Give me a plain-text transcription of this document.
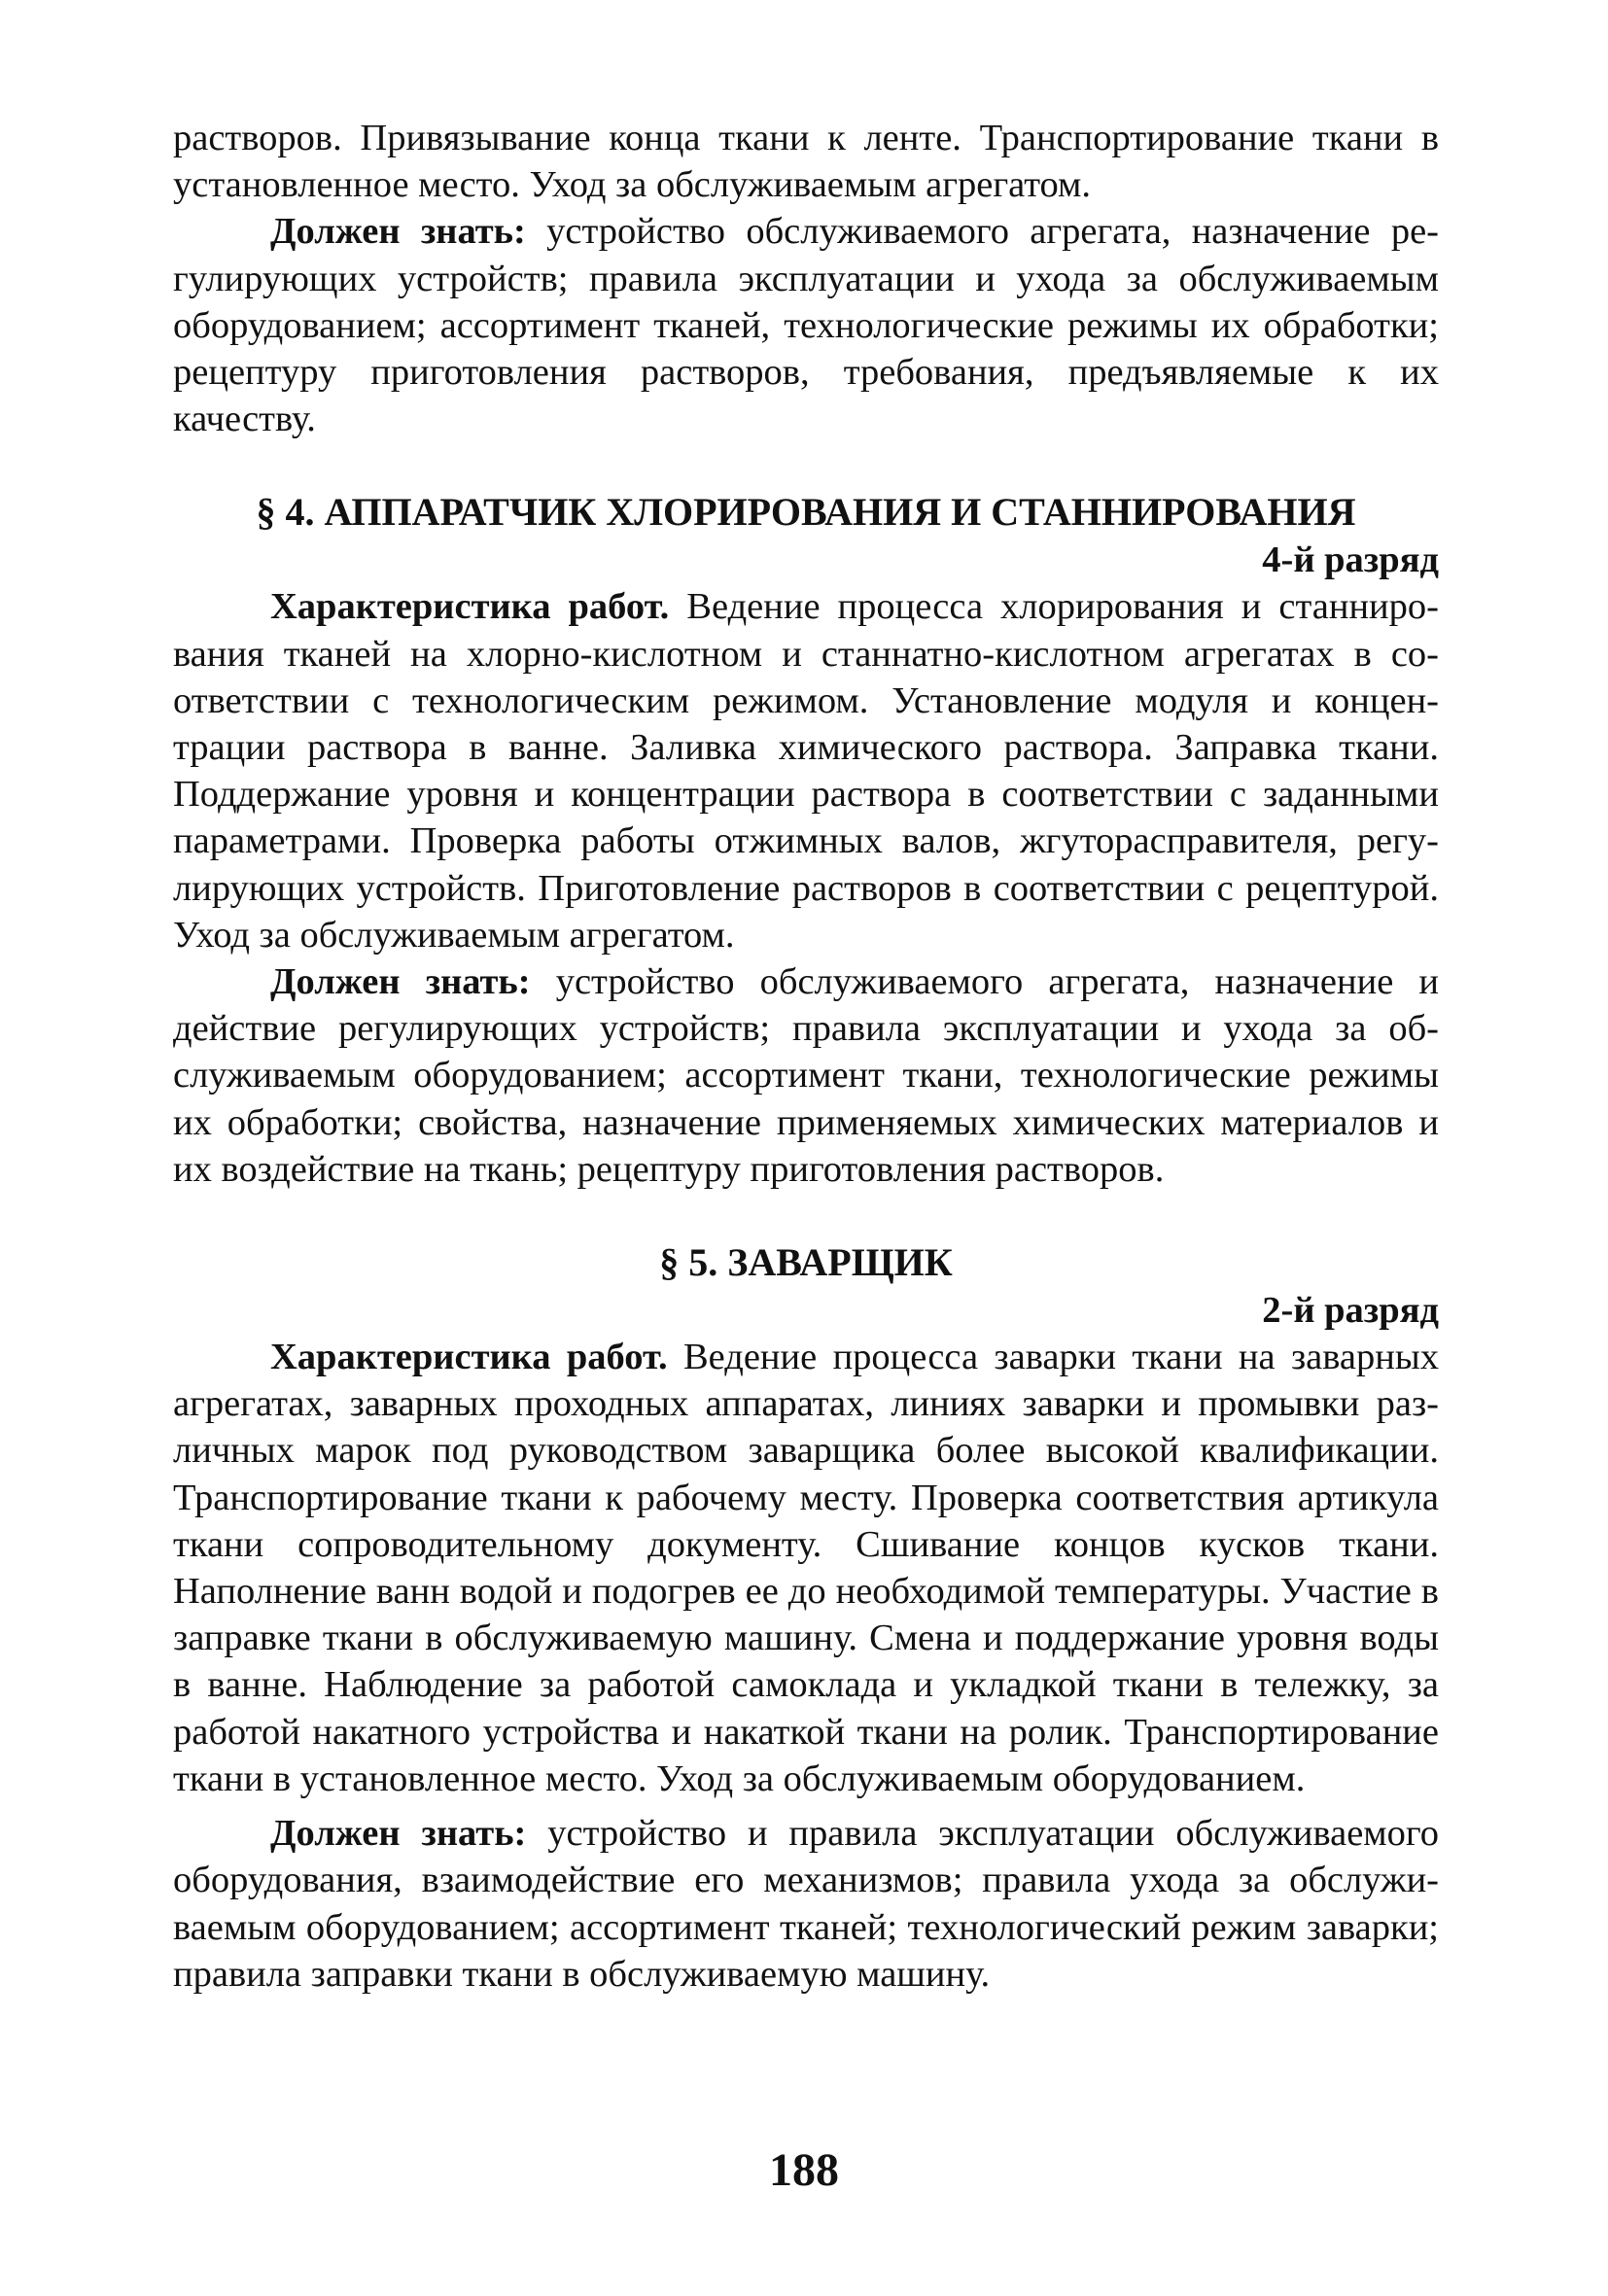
растворов. Привязывание конца ткани к ленте. Транспортирование ткани в установленное место. Уход за обслуживаемым агрегатом.

Должен знать: устройство обслуживаемого агрегата, назначение регулирующих устройств; правила эксплуатации и ухода за обслуживаемым оборудованием; ассортимент тканей, технологические режимы их обработки; рецептуру приготовления растворов, требования, предъявляемые к их качеству.

§ 4. АППАРАТЧИК ХЛОРИРОВАНИЯ И СТАННИРОВАНИЯ

4-й разряд

Характеристика работ. Ведение процесса хлорирования и станнирования тканей на хлорно-кислотном и станнатно-кислотном агрегатах в соответствии с технологическим режимом. Установление модуля и концентрации раствора в ванне. Заливка химического раствора. Заправка ткани. Поддержание уровня и концентрации раствора в соответствии с заданными параметрами. Проверка работы отжимных валов, жгуторасправителя, регулирующих устройств. Приготовление растворов в соответствии с рецептурой. Уход за обслуживаемым агрегатом.

Должен знать: устройство обслуживаемого агрегата, назначение и действие регулирующих устройств; правила эксплуатации и ухода за обслуживаемым оборудованием; ассортимент ткани, технологические режимы их обработки; свойства, назначение применяемых химических материалов и их воздействие на ткань; рецептуру приготовления растворов.

§ 5. ЗАВАРЩИК

2-й разряд

Характеристика работ. Ведение процесса заварки ткани на заварных агрегатах, заварных проходных аппаратах, линиях заварки и промывки различных марок под руководством заварщика более высокой квалификации. Транспортирование ткани к рабочему месту. Проверка соответствия артикула ткани сопроводительному документу. Сшивание концов кусков ткани. Наполнение ванн водой и подогрев ее до необходимой температуры. Участие в заправке ткани в обслуживаемую машину. Смена и поддержание уровня воды в ванне. Наблюдение за работой самоклада и укладкой ткани в тележку, за работой накатного устройства и накаткой ткани на ролик. Транспортирование ткани в установленное место. Уход за обслуживаемым оборудованием.

Должен знать: устройство и правила эксплуатации обслуживаемого оборудования, взаимодействие его механизмов; правила ухода за обслуживаемым оборудованием; ассортимент тканей; технологический режим заварки; правила заправки ткани в обслуживаемую машину.

188
